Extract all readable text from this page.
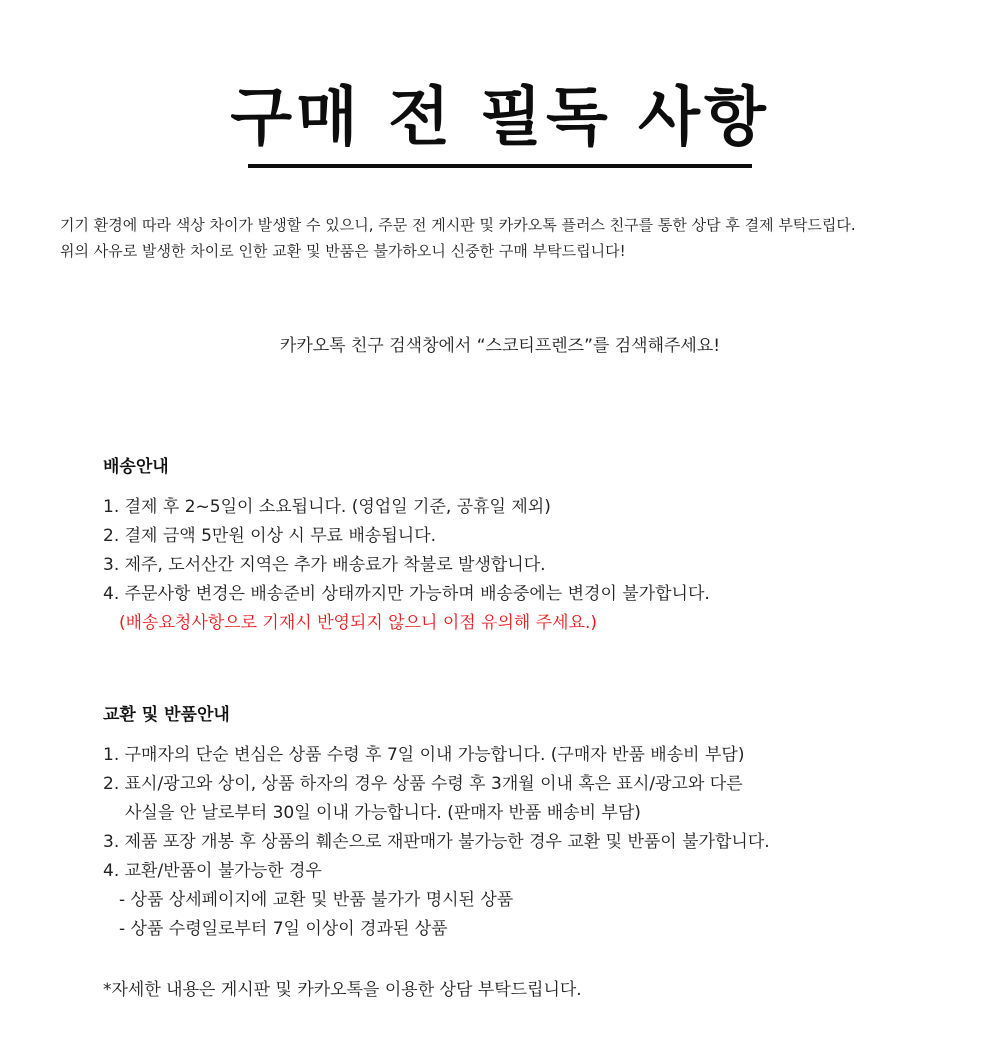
구매 전 필독 사항
기기 환경에 따라 색상 차이가 발생할 수 있으니, 주문 전 게시판 및 카카오톡 플러스 친구를 통한 상담 후 결제 부탁드립다.
위의 사유로 발생한 차이로 인한 교환 및 반품은 불가하오니 신중한 구매 부탁드립니다!
카카오톡 친구 검색창에서 “스코티프렌즈”를 검색해주세요!
배송안내
1. 결제 후 2~5일이 소요됩니다. (영업일 기준, 공휴일 제외)
2. 결제 금액 5만원 이상 시 무료 배송됩니다.
3. 제주, 도서산간 지역은 추가 배송료가 착불로 발생합니다.
4. 주문사항 변경은 배송준비 상태까지만 가능하며 배송중에는 변경이 불가합니다.
(배송요청사항으로 기재시 반영되지 않으니 이점 유의해 주세요.)
교환 및 반품안내
1. 구매자의 단순 변심은 상품 수령 후 7일 이내 가능합니다. (구매자 반품 배송비 부담)
2. 표시/광고와 상이, 상품 하자의 경우 상품 수령 후 3개월 이내 혹은 표시/광고와 다른
사실을 안 날로부터 30일 이내 가능합니다. (판매자 반품 배송비 부담)
3. 제품 포장 개봉 후 상품의 훼손으로 재판매가 불가능한 경우 교환 및 반품이 불가합니다.
4. 교환/반품이 불가능한 경우
- 상품 상세페이지에 교환 및 반품 불가가 명시된 상품
- 상품 수령일로부터 7일 이상이 경과된 상품
*자세한 내용은 게시판 및 카카오톡을 이용한 상담 부탁드립니다.
